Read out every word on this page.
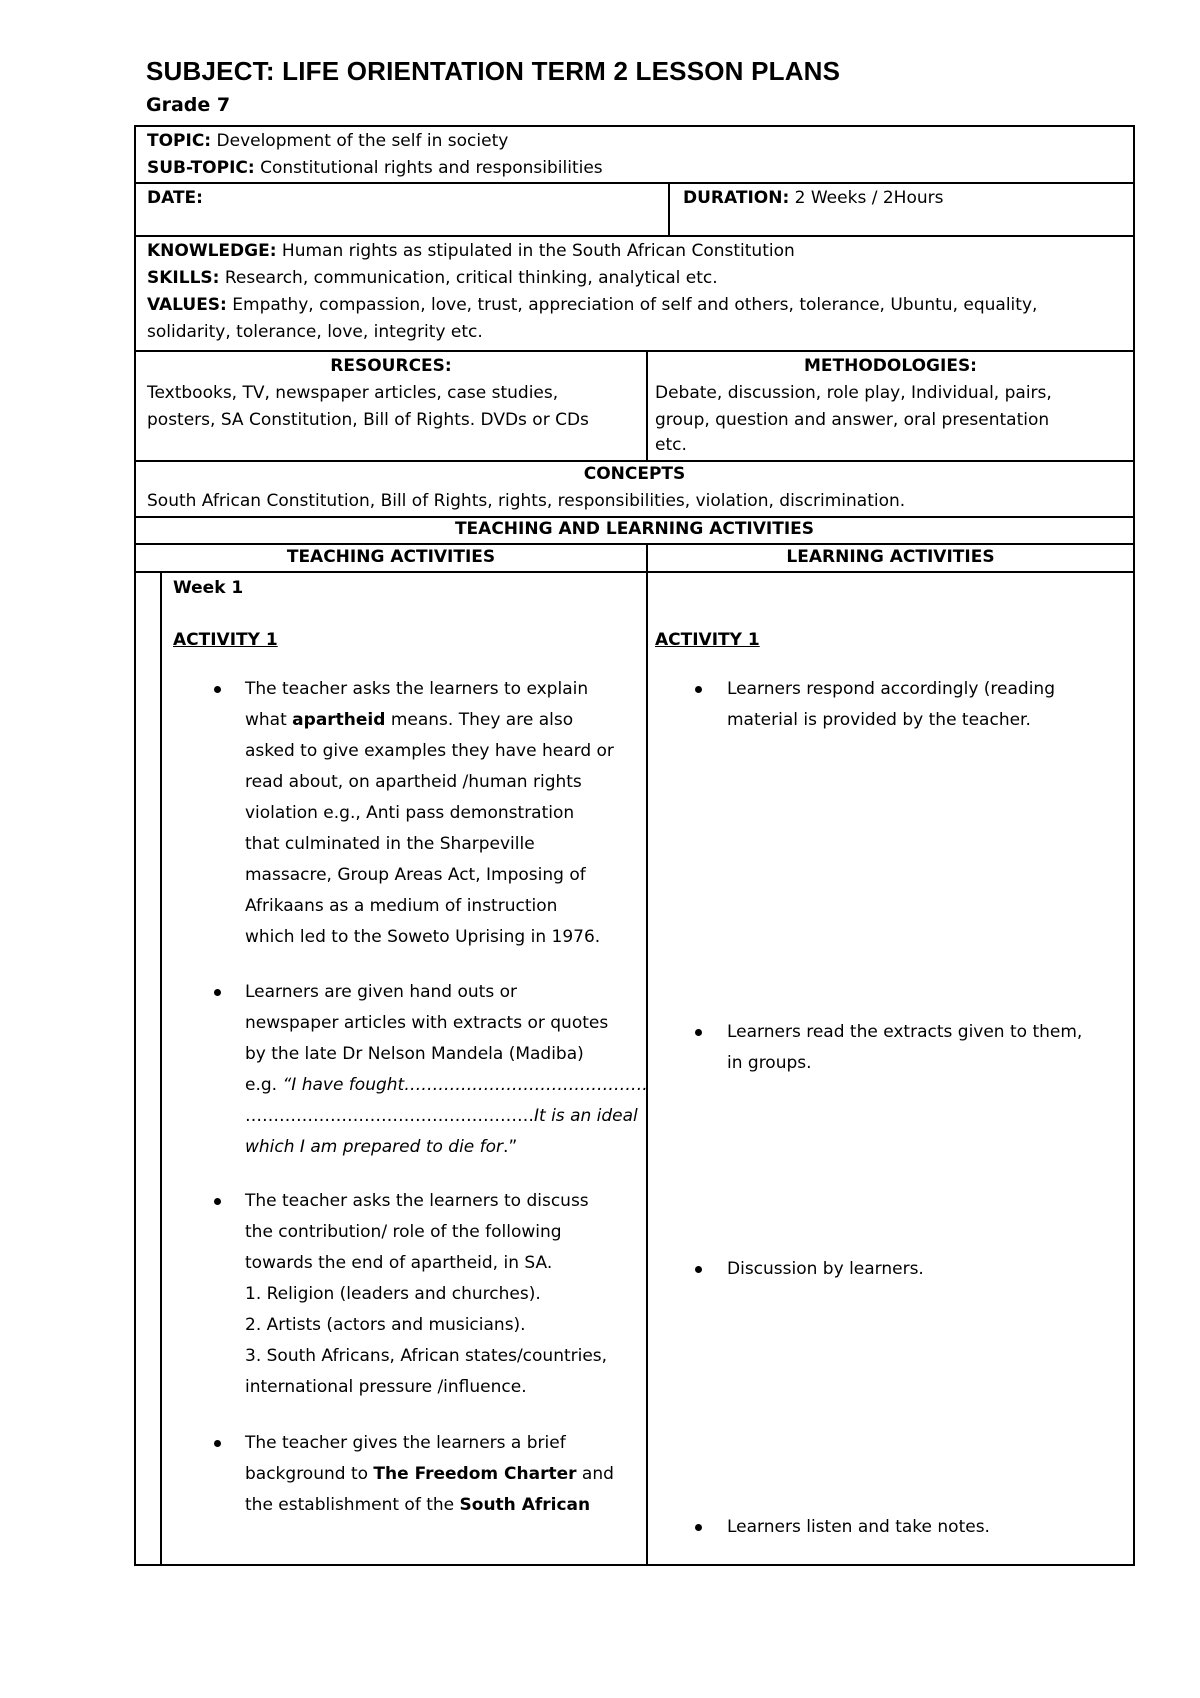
SUBJECT: LIFE ORIENTATION TERM 2 LESSON PLANS
Grade 7
TOPIC: Development of the self in society
SUB-TOPIC: Constitutional rights and responsibilities
DATE:	DURATION: 2 Weeks / 2Hours
KNOWLEDGE: Human rights as stipulated in the South African Constitution
SKILLS: Research, communication, critical thinking, analytical etc.
VALUES: Empathy, compassion, love, trust, appreciation of self and others, tolerance, Ubuntu, equality,
solidarity, tolerance, love, integrity etc.
RESOURCES:
Textbooks, TV, newspaper articles, case studies,
posters, SA Constitution, Bill of Rights. DVDs or CDs
METHODOLOGIES:
Debate, discussion, role play, Individual, pairs,
group, question and answer, oral presentation
etc.
CONCEPTS
South African Constitution, Bill of Rights, rights, responsibilities, violation, discrimination.
TEACHING AND LEARNING ACTIVITIES
TEACHING ACTIVITIES	LEARNING ACTIVITIES
Week 1
ACTIVITY 1
The teacher asks the learners to explain
what apartheid means. They are also
asked to give examples they have heard or
read about, on apartheid /human rights
violation e.g., Anti pass demonstration
that culminated in the Sharpeville
massacre, Group Areas Act, Imposing of
Afrikaans as a medium of instruction
which led to the Soweto Uprising in 1976.
Learners are given hand outs or
newspaper articles with extracts or quotes
by the late Dr Nelson Mandela (Madiba)
e.g. “I have fought…………………………………….
……………………………………………It is an ideal
which I am prepared to die for.”
The teacher asks the learners to discuss
the contribution/ role of the following
towards the end of apartheid, in SA.
1. Religion (leaders and churches).
2. Artists (actors and musicians).
3. South Africans, African states/countries,
international pressure /influence.
The teacher gives the learners a brief
background to The Freedom Charter and
the establishment of the South African
ACTIVITY 1
Learners respond accordingly (reading
material is provided by the teacher.
Learners read the extracts given to them,
in groups.
Discussion by learners.
Learners listen and take notes.
